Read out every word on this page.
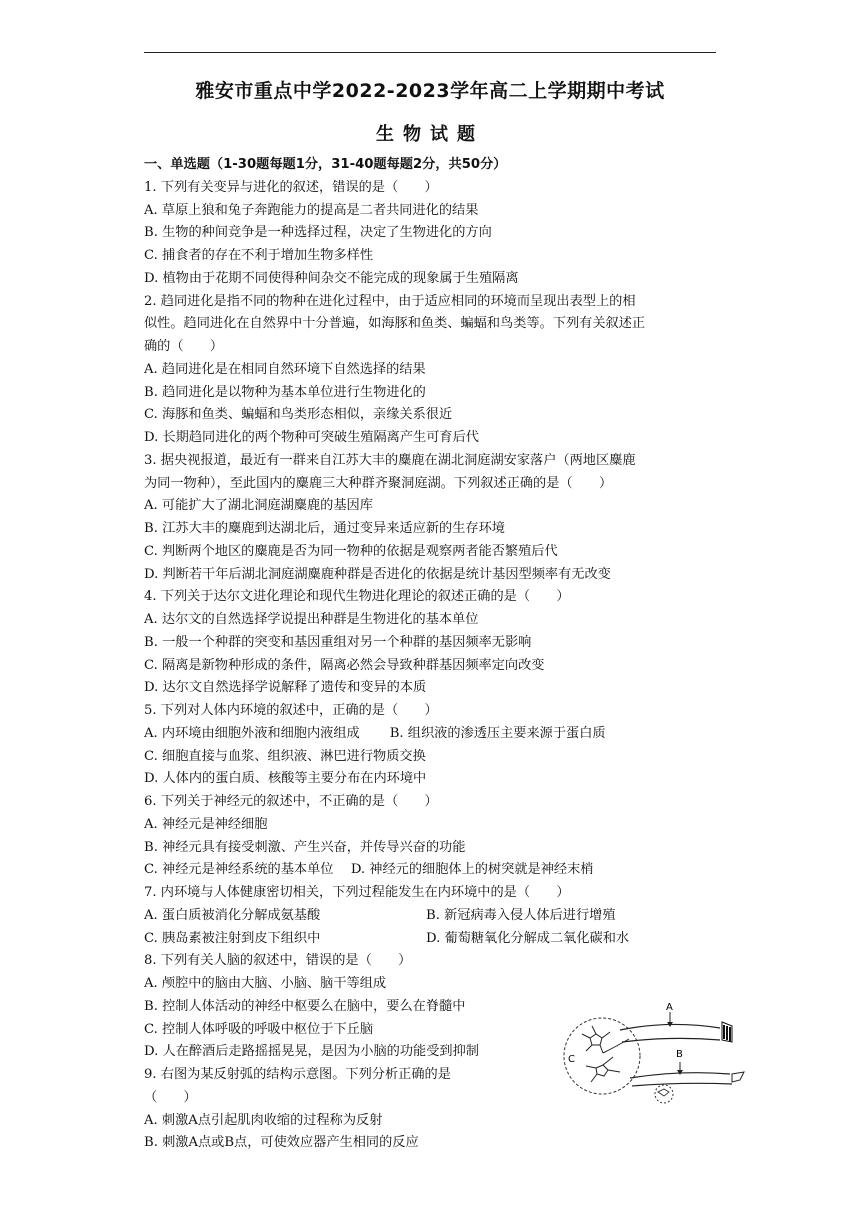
雅安市重点中学2022-2023学年高二上学期期中考试
生物试题
一、单选题（1-30题每题1分，31-40题每题2分，共50分）
1. 下列有关变异与进化的叙述，错误的是（　　）
A. 草原上狼和兔子奔跑能力的提高是二者共同进化的结果
B. 生物的种间竞争是一种选择过程，决定了生物进化的方向
C. 捕食者的存在不利于增加生物多样性
D. 植物由于花期不同使得种间杂交不能完成的现象属于生殖隔离
2. 趋同进化是指不同的物种在进化过程中，由于适应相同的环境而呈现出表型上的相
似性。趋同进化在自然界中十分普遍，如海豚和鱼类、蝙蝠和鸟类等。下列有关叙述正
确的（　　）
A. 趋同进化是在相同自然环境下自然选择的结果
B. 趋同进化是以物种为基本单位进行生物进化的
C. 海豚和鱼类、蝙蝠和鸟类形态相似，亲缘关系很近
D. 长期趋同进化的两个物种可突破生殖隔离产生可育后代
3. 据央视报道，最近有一群来自江苏大丰的麋鹿在湖北洞庭湖安家落户（两地区麋鹿
为同一物种），至此国内的麋鹿三大种群齐聚洞庭湖。下列叙述正确的是（　　）
A. 可能扩大了湖北洞庭湖麋鹿的基因库
B. 江苏大丰的麋鹿到达湖北后，通过变异来适应新的生存环境
C. 判断两个地区的麋鹿是否为同一物种的依据是观察两者能否繁殖后代
D. 判断若干年后湖北洞庭湖麋鹿种群是否进化的依据是统计基因型频率有无改变
4. 下列关于达尔文进化理论和现代生物进化理论的叙述正确的是（　　）
A. 达尔文的自然选择学说提出种群是生物进化的基本单位
B. 一般一个种群的突变和基因重组对另一个种群的基因频率无影响
C. 隔离是新物种形成的条件，隔离必然会导致种群基因频率定向改变
D. 达尔文自然选择学说解释了遗传和变异的本质
5. 下列对人体内环境的叙述中，正确的是（　　）
A. 内环境由细胞外液和细胞内液组成 B. 组织液的渗透压主要来源于蛋白质
C. 细胞直接与血浆、组织液、淋巴进行物质交换
D. 人体内的蛋白质、核酸等主要分布在内环境中
6. 下列关于神经元的叙述中，不正确的是（　　）
A. 神经元是神经细胞
B. 神经元具有接受刺激、产生兴奋，并传导兴奋的功能
C. 神经元是神经系统的基本单位　 D. 神经元的细胞体上的树突就是神经末梢
7. 内环境与人体健康密切相关，下列过程能发生在内环境中的是（　　）
A. 蛋白质被消化分解成氨基酸	B. 新冠病毒入侵人体后进行增殖
C. 胰岛素被注射到皮下组织中	D. 葡萄糖氧化分解成二氧化碳和水
8. 下列有关人脑的叙述中，错误的是（　　）
A. 颅腔中的脑由大脑、小脑、脑干等组成
B. 控制人体活动的神经中枢要么在脑中，要么在脊髓中
C. 控制人体呼吸的呼吸中枢位于下丘脑
D. 人在醉酒后走路摇摇晃晃，是因为小脑的功能受到抑制
9. 右图为某反射弧的结构示意图。下列分析正确的是
（　　）
A. 刺激A点引起肌肉收缩的过程称为反射
B. 刺激A点或B点，可使效应器产生相同的反应
A
B
C
